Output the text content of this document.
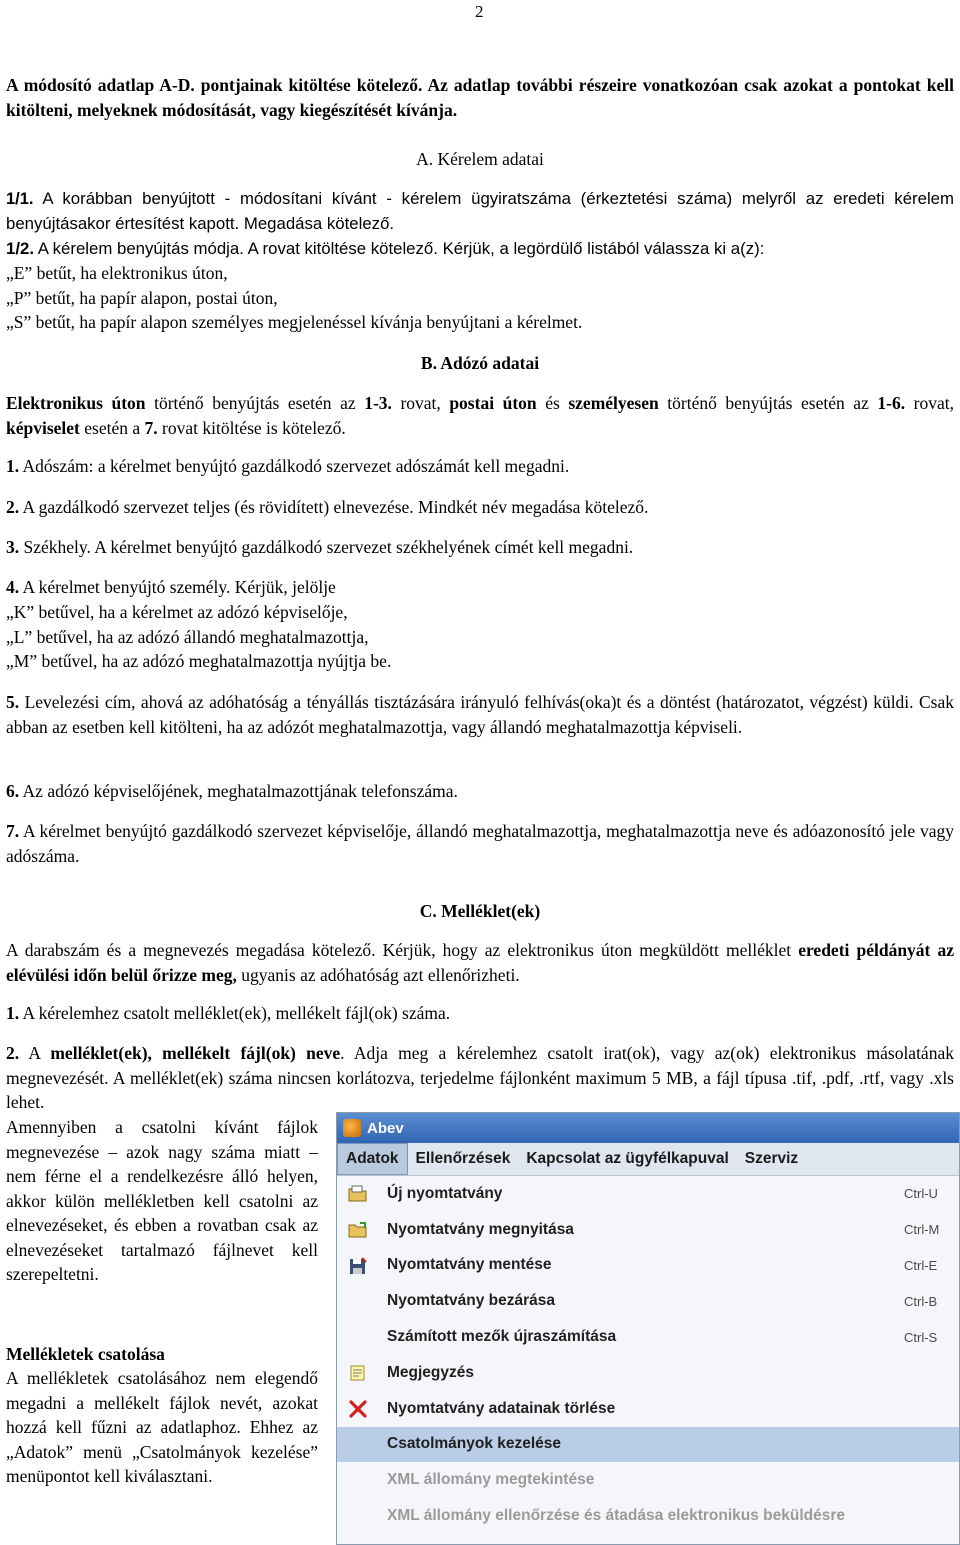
2
A módosító adatlap A-D. pontjainak kitöltése kötelező. Az adatlap további részeire vonatkozóan csak azokat a pontokat kell kitölteni, melyeknek módosítását, vagy kiegészítését kívánja.
A. Kérelem adatai
1/1. A korábban benyújtott - módosítani kívánt - kérelem ügyiratszáma (érkeztetési száma) melyről az eredeti kérelem benyújtásakor értesítést kapott. Megadása kötelező.
1/2. A kérelem benyújtás módja. A rovat kitöltése kötelező. Kérjük, a legördülő listából válassza ki a(z):
„E” betűt, ha elektronikus úton,
„P” betűt, ha papír alapon, postai úton,
„S” betűt, ha papír alapon személyes megjelenéssel kívánja benyújtani a kérelmet.
B. Adózó adatai
Elektronikus úton történő benyújtás esetén az 1-3. rovat, postai úton és személyesen történő benyújtás esetén az 1-6. rovat, képviselet esetén a 7. rovat kitöltése is kötelező.
1. Adószám: a kérelmet benyújtó gazdálkodó szervezet adószámát kell megadni.
2. A gazdálkodó szervezet teljes (és rövidített) elnevezése. Mindkét név megadása kötelező.
3. Székhely. A kérelmet benyújtó gazdálkodó szervezet székhelyének címét kell megadni.
4. A kérelmet benyújtó személy. Kérjük, jelölje
„K” betűvel, ha a kérelmet az adózó képviselője,
„L” betűvel, ha az adózó állandó meghatalmazottja,
„M” betűvel, ha az adózó meghatalmazottja nyújtja be.
5. Levelezési cím, ahová az adóhatóság a tényállás tisztázására irányuló felhívás(oka)t és a döntést (határozatot, végzést) küldi. Csak abban az esetben kell kitölteni, ha az adózót meghatalmazottja, vagy állandó meghatalmazottja képviseli.
6. Az adózó képviselőjének, meghatalmazottjának telefonszáma.
7. A kérelmet benyújtó gazdálkodó szervezet képviselője, állandó meghatalmazottja, meghatalmazottja neve és adóazonosító jele vagy adószáma.
C. Melléklet(ek)
A darabszám és a megnevezés megadása kötelező. Kérjük, hogy az elektronikus úton megküldött melléklet eredeti példányát az elévülési időn belül őrizze meg, ugyanis az adóhatóság azt ellenőrizheti.
1. A kérelemhez csatolt melléklet(ek), mellékelt fájl(ok) száma.
2. A melléklet(ek), mellékelt fájl(ok) neve. Adja meg a kérelemhez csatolt irat(ok), vagy az(ok) elektronikus másolatának megnevezését. A melléklet(ek) száma nincsen korlátozva, terjedelme fájlonként maximum 5 MB, a fájl típusa .tif, .pdf, .rtf, vagy .xls lehet.
Amennyiben a csatolni kívánt fájlok megnevezése – azok nagy száma miatt – nem férne el a rendelkezésre álló helyen, akkor külön mellékletben kell csatolni az elnevezéseket, és ebben a rovatban csak az elnevezéseket tartalmazó fájlnevet kell szerepeltetni.
Mellékletek csatolása
A mellékletek csatolásához nem elegendő megadni a mellékelt fájlok nevét, azokat hozzá kell fűzni az adatlaphoz. Ehhez az „Adatok” menü „Csatolmányok kezelése” menüpontot kell kiválasztani.
Abev
Adatok	Ellenőrzések	Kapcsolat az ügyfélkapuval	Szerviz
Új nyomtatvány	Ctrl-U
Nyomtatvány megnyitása	Ctrl-M
Nyomtatvány mentése	Ctrl-E
Nyomtatvány bezárása	Ctrl-B
Számított mezők újraszámítása	Ctrl-S
Megjegyzés
Nyomtatvány adatainak törlése
Csatolmányok kezelése
XML állomány megtekintése
XML állomány ellenőrzése és átadása elektronikus beküldésre
